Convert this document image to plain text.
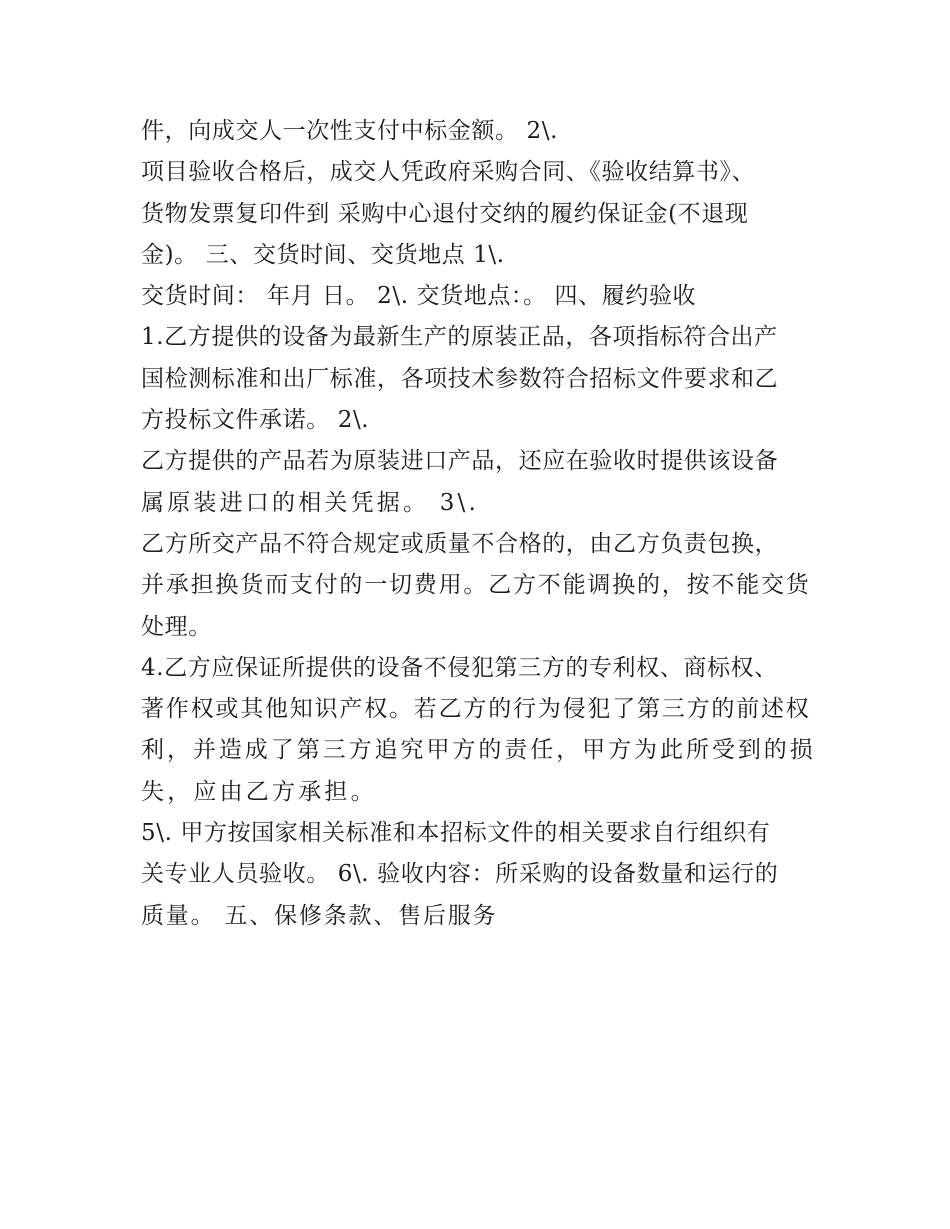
件，向成交人一次性支付中标金额。 2\.
项目验收合格后，成交人凭政府采购合同、《验收结算书》、
货物发票复印件到 采购中心退付交纳的履约保证金(不退现
金)。 三、交货时间、交货地点 1\.
交货时间： 年月 日。 2\. 交货地点：。 四、履约验收
1.乙方提供的设备为最新生产的原装正品，各项指标符合出产
国检测标准和出厂标准，各项技术参数符合招标文件要求和乙
方投标文件承诺。 2\.
乙方提供的产品若为原装进口产品，还应在验收时提供该设备
属原装进口的相关凭据。 3\.
乙方所交产品不符合规定或质量不合格的，由乙方负责包换，
并承担换货而支付的一切费用。乙方不能调换的，按不能交货
处理。
4.乙方应保证所提供的设备不侵犯第三方的专利权、商标权、
著作权或其他知识产权。若乙方的行为侵犯了第三方的前述权
利，并造成了第三方追究甲方的责任，甲方为此所受到的损
失，应由乙方承担。
5\. 甲方按国家相关标准和本招标文件的相关要求自行组织有
关专业人员验收。 6\. 验收内容：所采购的设备数量和运行的
质量。 五、保修条款、售后服务
